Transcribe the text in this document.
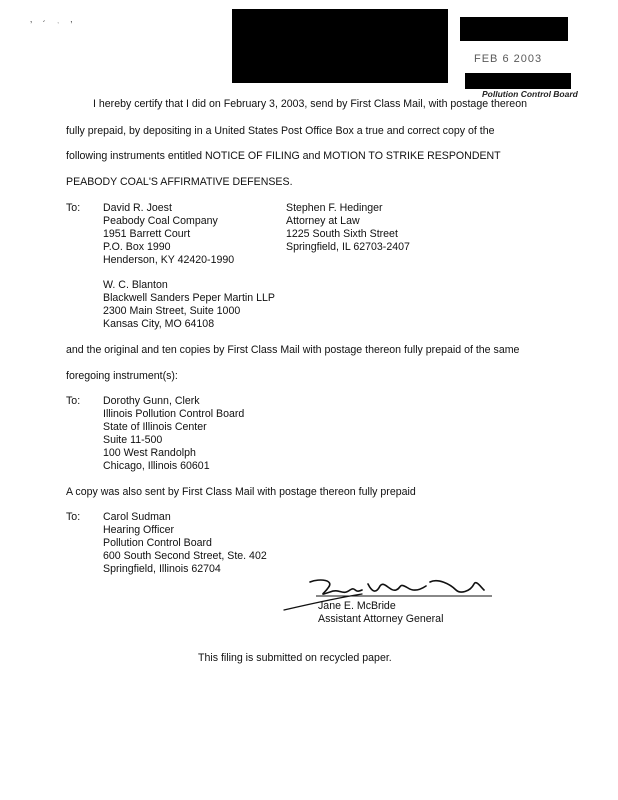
’ ´ ˑ ’
FEB 6 2003
Pollution Control Board
I hereby certify that I did on February 3, 2003, send by First Class Mail, with postage thereon
fully prepaid, by depositing in a United States Post Office Box a true and correct copy of the
following instruments entitled NOTICE OF FILING and MOTION TO STRIKE RESPONDENT
PEABODY COAL'S AFFIRMATIVE DEFENSES.
To: David R. Joest
Peabody Coal Company
1951 Barrett Court
P.O. Box 1990
Henderson, KY 42420-1990
Stephen F. Hedinger
Attorney at Law
1225 South Sixth Street
Springfield, IL 62703-2407
W. C. Blanton
Blackwell Sanders Peper Martin LLP
2300 Main Street, Suite 1000
Kansas City, MO 64108
and the original and ten copies by First Class Mail with postage thereon fully prepaid of the same
foregoing instrument(s):
To: Dorothy Gunn, Clerk
Illinois Pollution Control Board
State of Illinois Center
Suite 11-500
100 West Randolph
Chicago, Illinois 60601
A copy was also sent by First Class Mail with postage thereon fully prepaid
To: Carol Sudman
Hearing Officer
Pollution Control Board
600 South Second Street, Ste. 402
Springfield, Illinois 62704
Jane E. McBride
Assistant Attorney General
This filing is submitted on recycled paper.
